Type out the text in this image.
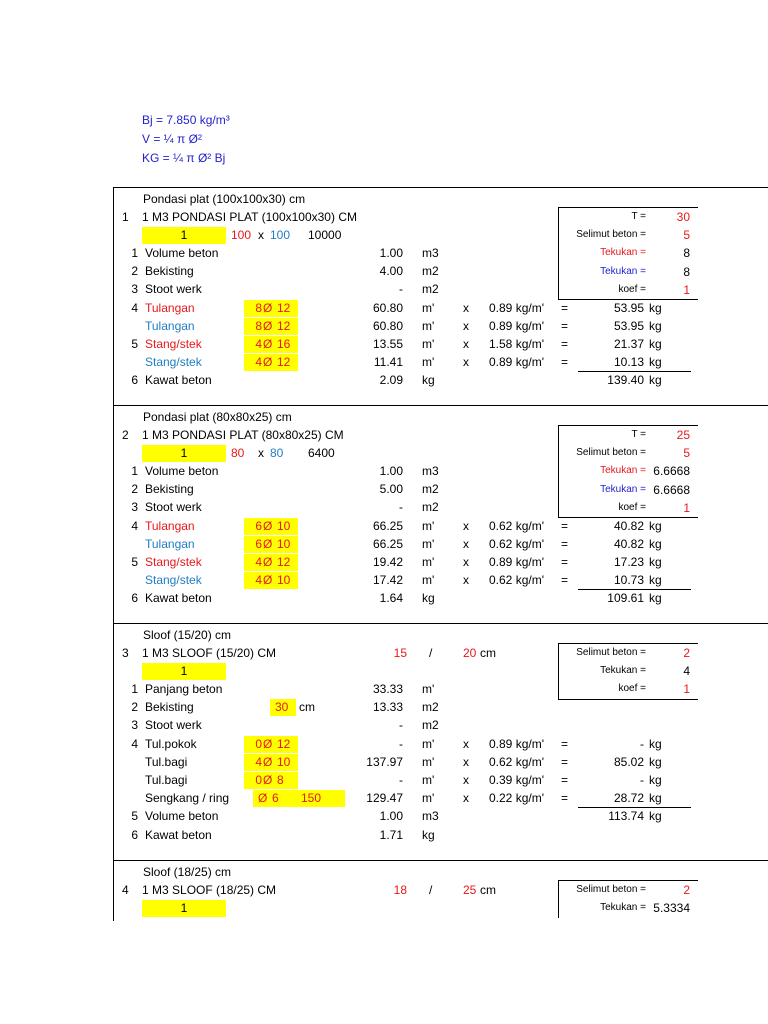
Bj = 7.850 kg/m³
V = ¼ π Ø²
KG = ¼ π Ø² Bj
Pondasi plat (100x100x30) cm
1 1 M3 PONDASI PLAT (100x100x30) CM
1	100 x 100 10000
T =	30
Selimut beton =	5
Tekukan =	8
Tekukan =	8
koef =	1
1 Volume beton	1.00 m3
2 Bekisting	4.00 m2
3 Stoot werk	- m2
4 Tulangan	8 Ø 12	60.80 m' x 0.89 kg/m' =	53.95 kg
Tulangan	8 Ø 12	60.80 m' x 0.89 kg/m' =	53.95 kg
5 Stang/stek	4 Ø 16	13.55 m' x 1.58 kg/m' =	21.37 kg
Stang/stek	4 Ø 12	11.41 m' x 0.89 kg/m' =	10.13 kg
6 Kawat beton	2.09 kg	139.40 kg
Pondasi plat (80x80x25) cm
2 1 M3 PONDASI PLAT (80x80x25) CM
1	80 x 80 6400
T =	25
Selimut beton =	5
Tekukan = 6.6668
Tekukan = 6.6668
koef =	1
1 Volume beton	1.00 m3
2 Bekisting	5.00 m2
3 Stoot werk	- m2
4 Tulangan	6 Ø 10	66.25 m' x 0.62 kg/m' =	40.82 kg
Tulangan	6 Ø 10	66.25 m' x 0.62 kg/m' =	40.82 kg
5 Stang/stek	4 Ø 12	19.42 m' x 0.89 kg/m' =	17.23 kg
Stang/stek	4 Ø 10	17.42 m' x 0.62 kg/m' =	10.73 kg
6 Kawat beton	1.64 kg	109.61 kg
Sloof (15/20) cm
3 1 M3 SLOOF (15/20) CM
1
15 /	20 cm	Selimut beton =	2
Tekukan =	4
koef =	1
1 Panjang beton	33.33 m'
2 Bekisting	30 cm	13.33 m2
3 Stoot werk	- m2
4 Tul.pokok	0 Ø 12	- m' x 0.89 kg/m' =	- kg
Tul.bagi	4 Ø 10	137.97 m' x 0.62 kg/m' =	85.02 kg
Tul.bagi	0 Ø 8	- m' x 0.39 kg/m' =	- kg
Sengkang / ring Ø 6 150	129.47 m' x 0.22 kg/m' =	28.72 kg
5 Volume beton	1.00 m3	113.74 kg
6 Kawat beton	1.71 kg
Sloof (18/25) cm
4 1 M3 SLOOF (18/25) CM
1
18 /	25 cm	Selimut beton =	2
Tekukan = 5.3334
